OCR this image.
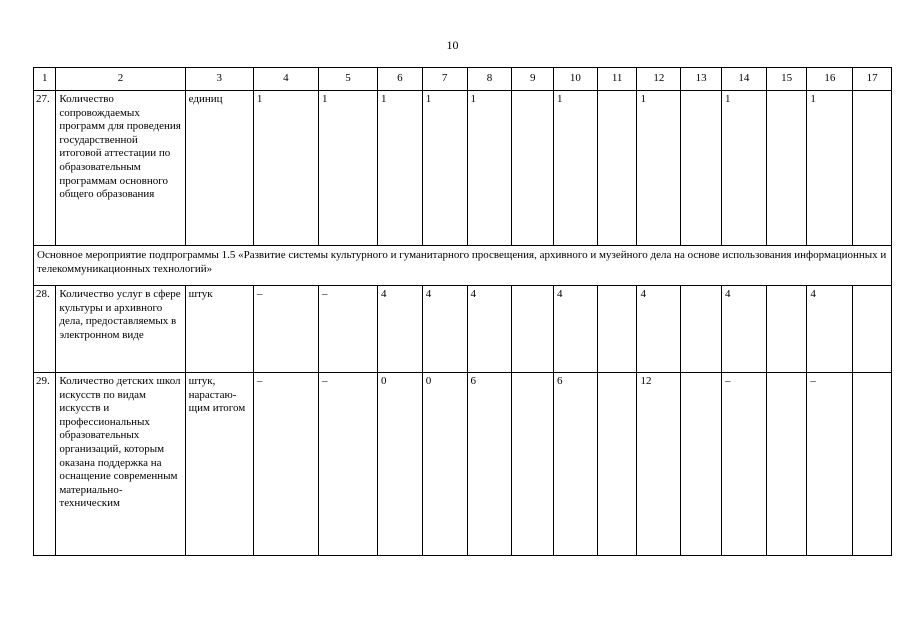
10
1	2	3	4	5	6	7	8	9	10	11	12	13	14	15	16	17
27.	Количество сопровождаемых программ для проведения государственной итоговой аттестации по образовательным программам основного общего образования	единиц	1	1	1	1	1		1		1		1		1	
Основное мероприятие подпрограммы 1.5 «Развитие системы культурного и гуманитарного просвещения, архивного и музейного дела на основе использования информационных и телекоммуникационных технологий»																
28.	Количество услуг в сфере культуры и архивного дела, предоставляемых в электронном виде	штук	–	–	4	4	4		4		4		4		4	
29.	Количество детских школ искусств по видам искусств и профессиональных образовательных организаций, которым оказана поддержка на оснащение современным материально-техническим	штук, нарастаю-щим итогом	–	–	0	0	6		6		12		–		–	
